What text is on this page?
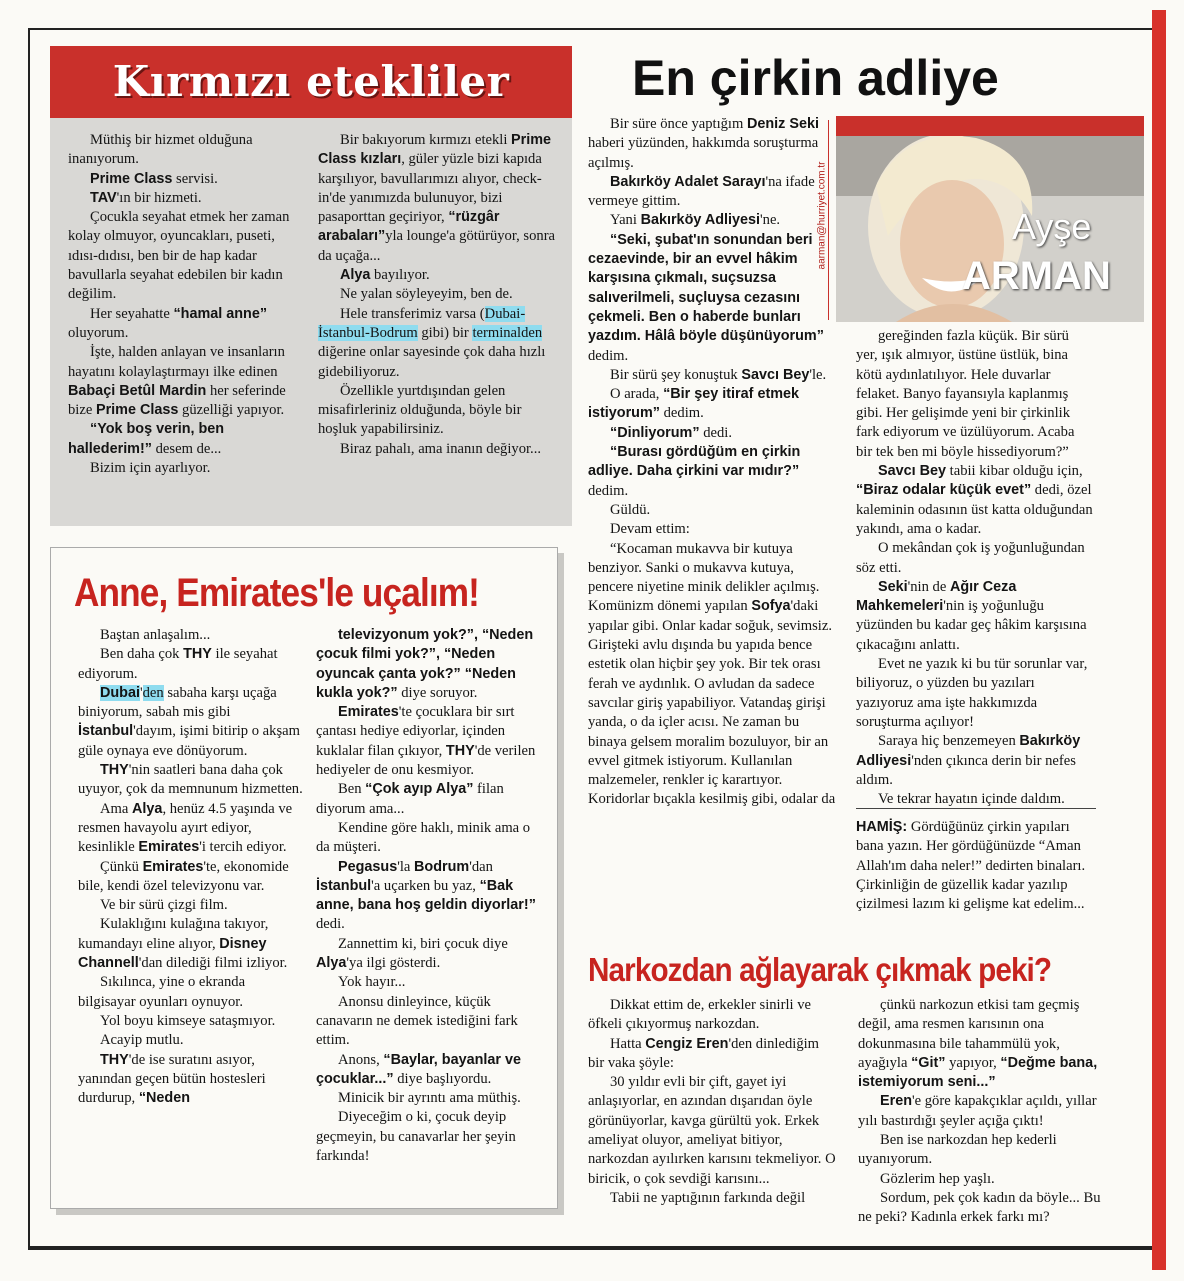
Kırmızı etekliler

Müthiş bir hizmet olduğuna inanıyorum.

Prime Class servisi.

TAV'ın bir hizmeti.

Çocukla seyahat etmek her zaman kolay olmuyor, oyuncakları, puseti, ıdısı-dıdısı, ben bir de hap kadar bavullarla seyahat edebilen bir kadın değilim.

Her seyahatte “hamal anne” oluyorum.

İşte, halden anlayan ve insanların hayatını kolaylaştırmayı ilke edinen Babaçi Betûl Mardin her seferinde bize Prime Class güzelliği yapıyor.

“Yok boş verin, ben hallederim!” desem de...

Bizim için ayarlıyor.

Bir bakıyorum kırmızı etekli Prime Class kızları, güler yüzle bizi kapıda karşılıyor, bavullarımızı alıyor, check-in'de yanımızda bulunuyor, bizi pasaporttan geçiriyor, “rüzgâr arabaları”yla lounge'a götürüyor, sonra da uçağa...

Alya bayılıyor.

Ne yalan söyleyeyim, ben de.

Hele transferimiz varsa (Dubai-İstanbul-Bodrum gibi) bir terminalden diğerine onlar sayesinde çok daha hızlı gidebiliyoruz.

Özellikle yurtdışından gelen misafirleriniz olduğunda, böyle bir hoşluk yapabilirsiniz.

Biraz pahalı, ama inanın değiyor...

Anne, Emirates'le uçalım!

Baştan anlaşalım...

Ben daha çok THY ile seyahat ediyorum.

Dubai'den sabaha karşı uçağa biniyorum, sabah mis gibi İstanbul'dayım, işimi bitirip o akşam güle oynaya eve dönüyorum.

THY'nin saatleri bana daha çok uyuyor, çok da memnunum hizmetten.

Ama Alya, henüz 4.5 yaşında ve resmen havayolu ayırt ediyor, kesinlikle Emirates'i tercih ediyor.

Çünkü Emirates'te, ekonomide bile, kendi özel televizyonu var.

Ve bir sürü çizgi film.

Kulaklığını kulağına takıyor, kumandayı eline alıyor, Disney Channell'dan dilediği filmi izliyor.

Sıkılınca, yine o ekranda bilgisayar oyunları oynuyor.

Yol boyu kimseye sataşmıyor.

Acayip mutlu.

THY'de ise suratını asıyor, yanından geçen bütün hostesleri durdurup, “Neden

televizyonum yok?”, “Neden çocuk filmi yok?”, “Neden oyuncak çanta yok?” “Neden kukla yok?” diye soruyor.

Emirates'te çocuklara bir sırt çantası hediye ediyorlar, içinden kuklalar filan çıkıyor, THY'de verilen hediyeler de onu kesmiyor.

Ben “Çok ayıp Alya” filan diyorum ama...

Kendine göre haklı, minik ama o da müşteri.

Pegasus'la Bodrum'dan İstanbul'a uçarken bu yaz, “Bak anne, bana hoş geldin diyorlar!” dedi.

Zannettim ki, biri çocuk diye Alya'ya ilgi gösterdi.

Yok hayır...

Anonsu dinleyince, küçük canavarın ne demek istediğini fark ettim.

Anons, “Baylar, bayanlar ve çocuklar...” diye başlıyordu.

Minicik bir ayrıntı ama müthiş.

Diyeceğim o ki, çocuk deyip geçmeyin, bu canavarlar her şeyin farkında!

En çirkin adliye
Ayşe
ARMAN
aarman@hurriyet.com.tr

Bir süre önce yaptığım Deniz Seki haberi yüzünden, hakkımda soruşturma açılmış.

Bakırköy Adalet Sarayı'na ifade vermeye gittim.

Yani Bakırköy Adliyesi'ne.

“Seki, şubat'ın sonundan beri cezaevinde, bir an evvel hâkim karşısına çıkmalı, suçsuzsa salıverilmeli, suçluysa cezasını çekmeli. Ben o haberde bunları yazdım. Hâlâ böyle düşünüyorum” dedim.

Bir sürü şey konuştuk Savcı Bey'le.

O arada, “Bir şey itiraf etmek istiyorum” dedim.

“Dinliyorum” dedi.

“Burası gördüğüm en çirkin adliye. Daha çirkini var mıdır?” dedim.

Güldü.

Devam ettim:

“Kocaman mukavva bir kutuya benziyor. Sanki o mukavva kutuya, pencere niyetine minik delikler açılmış. Komünizm dönemi yapılan Sofya'daki yapılar gibi. Onlar kadar soğuk, sevimsiz. Girişteki avlu dışında bu yapıda bence estetik olan hiçbir şey yok. Bir tek orası ferah ve aydınlık. O avludan da sadece savcılar giriş yapabiliyor. Vatandaş girişi yanda, o da içler acısı. Ne zaman bu binaya gelsem moralim bozuluyor, bir an evvel gitmek istiyorum. Kullanılan malzemeler, renkler iç karartıyor. Koridorlar bıçakla kesilmiş gibi, odalar da

gereğinden fazla küçük. Bir sürü yer, ışık almıyor, üstüne üstlük, bina kötü aydınlatılıyor. Hele duvarlar felaket. Banyo fayansıyla kaplanmış gibi. Her gelişimde yeni bir çirkinlik fark ediyorum ve üzülüyorum. Acaba bir tek ben mi böyle hissediyorum?”

Savcı Bey tabii kibar olduğu için, “Biraz odalar küçük evet” dedi, özel kaleminin odasının üst katta olduğundan yakındı, ama o kadar.

O mekândan çok iş yoğunluğundan söz etti.

Seki'nin de Ağır Ceza Mahkemeleri'nin iş yoğunluğu yüzünden bu kadar geç hâkim karşısına çıkacağını anlattı.

Evet ne yazık ki bu tür sorunlar var, biliyoruz, o yüzden bu yazıları yazıyoruz ama işte hakkımızda soruşturma açılıyor!

Saraya hiç benzemeyen Bakırköy Adliyesi'nden çıkınca derin bir nefes aldım.

Ve tekrar hayatın içinde daldım.

HAMİŞ: Gördüğünüz çirkin yapıları bana yazın. Her gördüğünüzde “Aman Allah'ım daha neler!” dedirten binaları. Çirkinliğin de güzellik kadar yazılıp çizilmesi lazım ki gelişme kat edelim...

Narkozdan ağlayarak çıkmak peki?

Dikkat ettim de, erkekler sinirli ve öfkeli çıkıyormuş narkozdan.

Hatta Cengiz Eren'den dinlediğim bir vaka şöyle:

30 yıldır evli bir çift, gayet iyi anlaşıyorlar, en azından dışarıdan öyle görünüyorlar, kavga gürültü yok. Erkek ameliyat oluyor, ameliyat bitiyor, narkozdan ayılırken karısını tekmeliyor. O biricik, o çok sevdiği karısını...

Tabii ne yaptığının farkında değil

çünkü narkozun etkisi tam geçmiş değil, ama resmen karısının ona dokunmasına bile tahammülü yok, ayağıyla “Git” yapıyor, “Değme bana, istemiyorum seni...”

Eren'e göre kapakçıklar açıldı, yıllar yılı bastırdığı şeyler açığa çıktı!

Ben ise narkozdan hep kederli uyanıyorum.

Gözlerim hep yaşlı.

Sordum, pek çok kadın da böyle... Bu ne peki? Kadınla erkek farkı mı?
